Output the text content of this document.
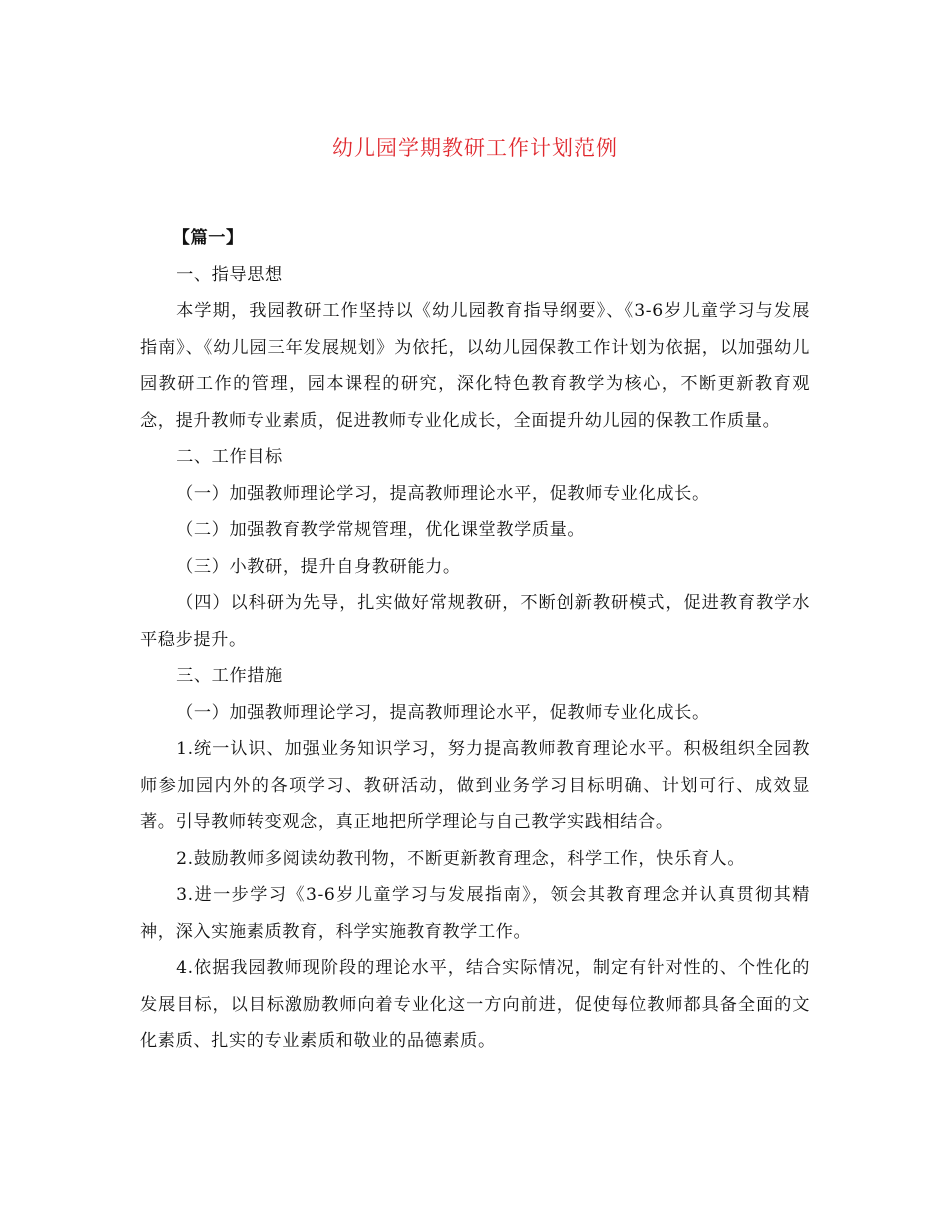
幼儿园学期教研工作计划范例

【篇一】

一、指导思想

本学期，我园教研工作坚持以《幼儿园教育指导纲要》、《3-6岁儿童学习与发展指南》、《幼儿园三年发展规划》为依托，以幼儿园保教工作计划为依据，以加强幼儿园教研工作的管理，园本课程的研究，深化特色教育教学为核心，不断更新教育观念，提升教师专业素质，促进教师专业化成长，全面提升幼儿园的保教工作质量。

二、工作目标

（一）加强教师理论学习，提高教师理论水平，促教师专业化成长。

（二）加强教育教学常规管理，优化课堂教学质量。

（三）小教研，提升自身教研能力。

（四）以科研为先导，扎实做好常规教研，不断创新教研模式，促进教育教学水平稳步提升。

三、工作措施

（一）加强教师理论学习，提高教师理论水平，促教师专业化成长。

1.统一认识、加强业务知识学习，努力提高教师教育理论水平。积极组织全园教师参加园内外的各项学习、教研活动，做到业务学习目标明确、计划可行、成效显著。引导教师转变观念，真正地把所学理论与自己教学实践相结合。

2.鼓励教师多阅读幼教刊物，不断更新教育理念，科学工作，快乐育人。

3.进一步学习《3-6岁儿童学习与发展指南》，领会其教育理念并认真贯彻其精神，深入实施素质教育，科学实施教育教学工作。

4.依据我园教师现阶段的理论水平，结合实际情况，制定有针对性的、个性化的发展目标，以目标激励教师向着专业化这一方向前进，促使每位教师都具备全面的文化素质、扎实的专业素质和敬业的品德素质。
